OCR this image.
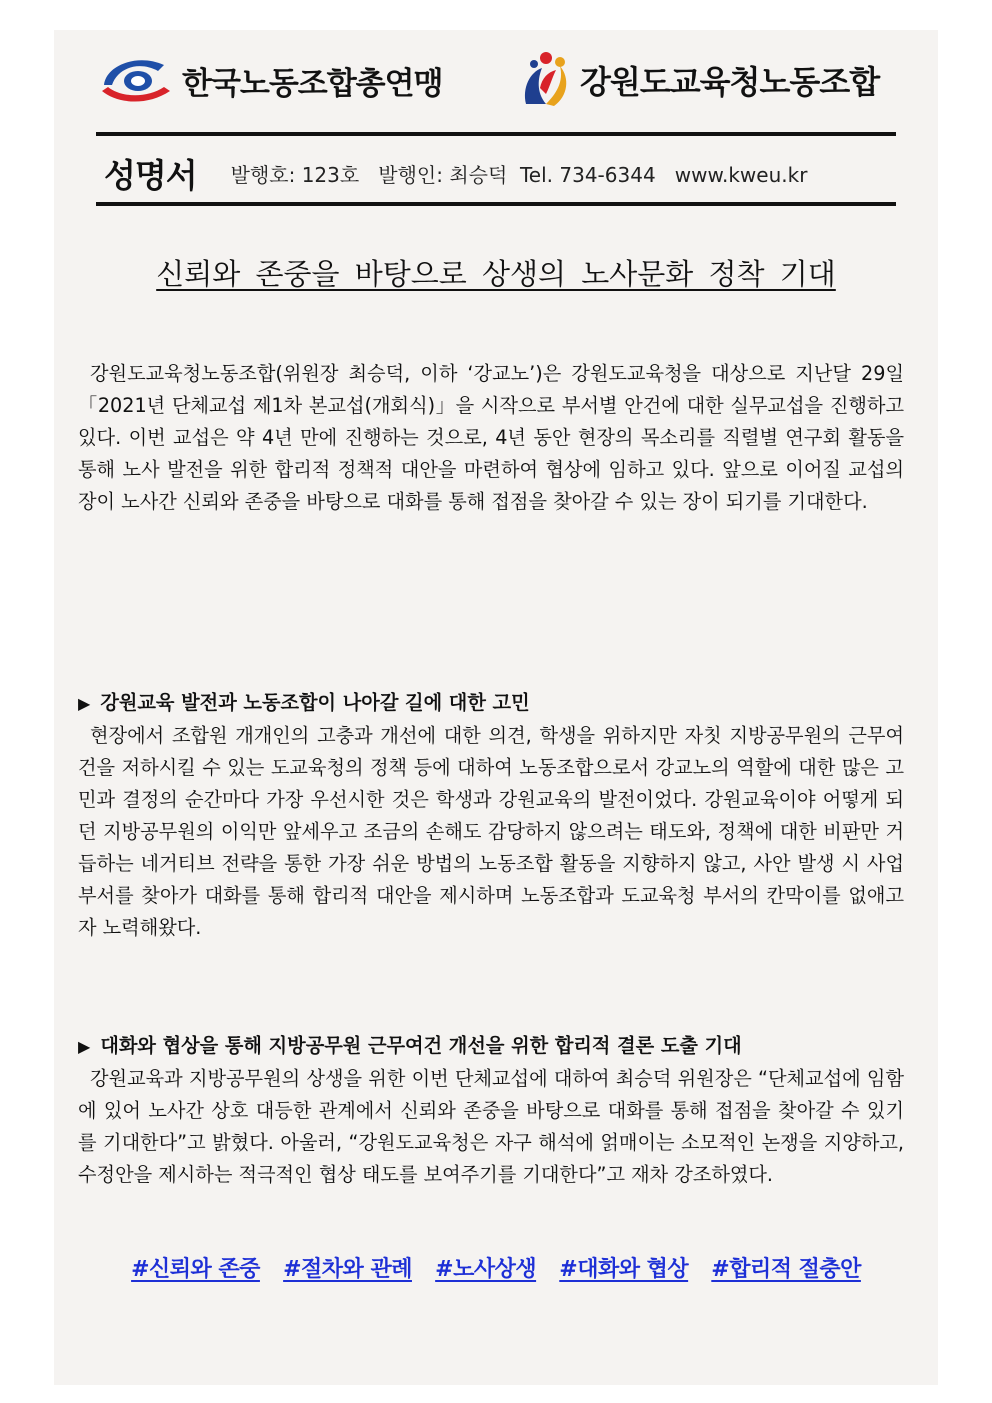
한국노동조합총연맹	강원도교육청노동조합
성명서 발행호: 123호   발행인: 최승덕  Tel. 734-6344   www.kweu.kr
신뢰와 존중을 바탕으로 상생의 노사문화 정착 기대
강원도교육청노동조합(위원장 최승덕, 이하 ‘강교노’)은 강원도교육청을 대상으로 지난달 29일「2021년 단체교섭 제1차 본교섭(개회식)」을 시작으로 부서별 안건에 대한 실무교섭을 진행하고 있다. 이번 교섭은 약 4년 만에 진행하는 것으로, 4년 동안 현장의 목소리를 직렬별 연구회 활동을 통해 노사 발전을 위한 합리적 정책적 대안을 마련하여 협상에 임하고 있다. 앞으로 이어질 교섭의 장이 노사간 신뢰와 존중을 바탕으로 대화를 통해 접점을 찾아갈 수 있는 장이 되기를 기대한다.
▶ 강원교육 발전과 노동조합이 나아갈 길에 대한 고민
현장에서 조합원 개개인의 고충과 개선에 대한 의견, 학생을 위하지만 자칫 지방공무원의 근무여건을 저하시킬 수 있는 도교육청의 정책 등에 대하여 노동조합으로서 강교노의 역할에 대한 많은 고민과 결정의 순간마다 가장 우선시한 것은 학생과 강원교육의 발전이었다. 강원교육이야 어떻게 되던 지방공무원의 이익만 앞세우고 조금의 손해도 감당하지 않으려는 태도와, 정책에 대한 비판만 거듭하는 네거티브 전략을 통한 가장 쉬운 방법의 노동조합 활동을 지향하지 않고, 사안 발생 시 사업부서를 찾아가 대화를 통해 합리적 대안을 제시하며 노동조합과 도교육청 부서의 칸막이를 없애고자 노력해왔다.
▶ 대화와 협상을 통해 지방공무원 근무여건 개선을 위한 합리적 결론 도출 기대
강원교육과 지방공무원의 상생을 위한 이번 단체교섭에 대하여 최승덕 위원장은 “단체교섭에 임함에 있어 노사간 상호 대등한 관계에서 신뢰와 존중을 바탕으로 대화를 통해 접점을 찾아갈 수 있기를 기대한다”고 밝혔다. 아울러, “강원도교육청은 자구 해석에 얽매이는 소모적인 논쟁을 지양하고, 수정안을 제시하는 적극적인 협상 태도를 보여주기를 기대한다”고 재차 강조하였다.
#신뢰와 존중 #절차와 관례 #노사상생 #대화와 협상 #합리적 절충안
